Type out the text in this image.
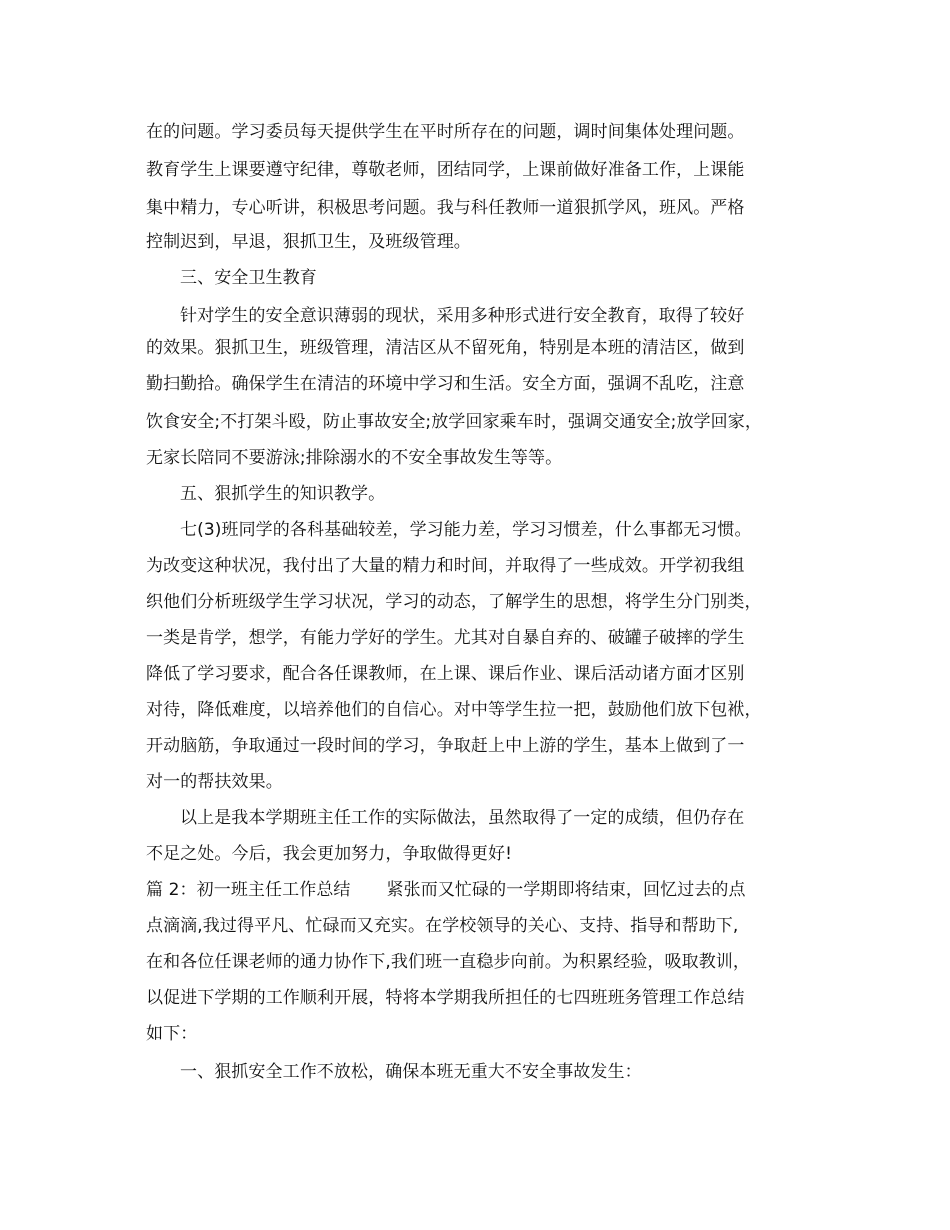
在的问题。学习委员每天提供学生在平时所存在的问题，调时间集体处理问题。
教育学生上课要遵守纪律，尊敬老师，团结同学，上课前做好准备工作，上课能
集中精力，专心听讲，积极思考问题。我与科任教师一道狠抓学风，班风。严格
控制迟到，早退，狠抓卫生，及班级管理。
三、安全卫生教育
针对学生的安全意识薄弱的现状，采用多种形式进行安全教育，取得了较好
的效果。狠抓卫生，班级管理，清洁区从不留死角，特别是本班的清洁区，做到
勤扫勤拾。确保学生在清洁的环境中学习和生活。安全方面，强调不乱吃，注意
饮食安全;不打架斗殴，防止事故安全;放学回家乘车时，强调交通安全;放学回家，
无家长陪同不要游泳;排除溺水的不安全事故发生等等。
五、狠抓学生的知识教学。
七(3)班同学的各科基础较差，学习能力差，学习习惯差，什么事都无习惯。
为改变这种状况，我付出了大量的精力和时间，并取得了一些成效。开学初我组
织他们分析班级学生学习状况，学习的动态，了解学生的思想，将学生分门别类，
一类是肯学，想学，有能力学好的学生。尤其对自暴自弃的、破罐子破摔的学生
降低了学习要求，配合各任课教师，在上课、课后作业、课后活动诸方面才区别
对待，降低难度，以培养他们的自信心。对中等学生拉一把，鼓励他们放下包袱，
开动脑筋，争取通过一段时间的学习，争取赶上中上游的学生，基本上做到了一
对一的帮扶效果。
以上是我本学期班主任工作的实际做法，虽然取得了一定的成绩，但仍存在
不足之处。今后，我会更加努力，争取做得更好!
篇 2：初一班主任工作总结 紧张而又忙碌的一学期即将结束，回忆过去的点
点滴滴,我过得平凡、忙碌而又充实。在学校领导的关心、支持、指导和帮助下,
在和各位任课老师的通力协作下,我们班一直稳步向前。为积累经验，吸取教训，
以促进下学期的工作顺利开展，特将本学期我所担任的七四班班务管理工作总结
如下：
一、狠抓安全工作不放松，确保本班无重大不安全事故发生：
